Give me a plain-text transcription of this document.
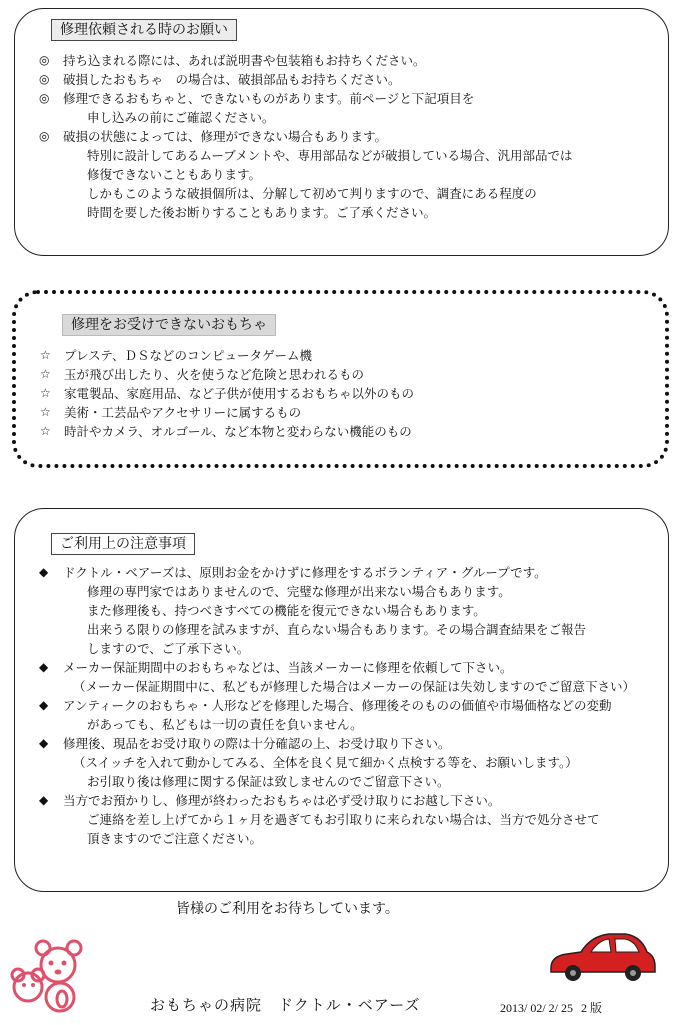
修理依頼される時のお願い
◎	持ち込まれる際には、あれば説明書や包装箱もお持ちください。
◎	破損したおもちゃ　の場合は、破損部品もお持ちください。
◎	修理できるおもちゃと、できないものがあります。前ページと下記項目を
申し込みの前にご確認ください。
◎	破損の状態によっては、修理ができない場合もあります。
特別に設計してあるムーブメントや、専用部品などが破損している場合、汎用部品では
修復できないこともあります。
しかもこのような破損個所は、分解して初めて判りますので、調査にある程度の
時間を要した後お断りすることもあります。ご了承ください。
修理をお受けできないおもちゃ
☆	プレステ、ＤＳなどのコンピュータゲーム機
☆	玉が飛び出したり、火を使うなど危険と思われるもの
☆	家電製品、家庭用品、など子供が使用するおもちゃ以外のもの
☆	美術・工芸品やアクセサリーに属するもの
☆	時計やカメラ、オルゴール、など本物と変わらない機能のもの
ご利用上の注意事項
◆	ドクトル・ベアーズは、原則お金をかけずに修理をするボランティア・グループです。
修理の専門家ではありませんので、完璧な修理が出来ない場合もあります。
また修理後も、持つべきすべての機能を復元できない場合もあります。
出来うる限りの修理を試みますが、直らない場合もあります。その場合調査結果をご報告
しますので、ご了承下さい。
◆	メーカー保証期間中のおもちゃなどは、当該メーカーに修理を依頼して下さい。
（メーカー保証期間中に、私どもが修理した場合はメーカーの保証は失効しますのでご留意下さい）
◆	アンティークのおもちゃ・人形などを修理した場合、修理後そのものの価値や市場価格などの変動
があっても、私どもは一切の責任を負いません。
◆	修理後、現品をお受け取りの際は十分確認の上、お受け取り下さい。
（スイッチを入れて動かしてみる、全体を良く見て細かく点検する等を、お願いします。）
お引取り後は修理に関する保証は致しませんのでご留意下さい。
◆	当方でお預かりし、修理が終わったおもちゃは必ず受け取りにお越し下さい。
ご連絡を差し上げてから１ヶ月を過ぎてもお引取りに来られない場合は、当方で処分させて
頂きますのでご注意ください。
皆様のご利用をお待ちしています。
おもちゃの病院　ドクトル・ベアーズ	2013/ 02/ 2/ 25 2 版
